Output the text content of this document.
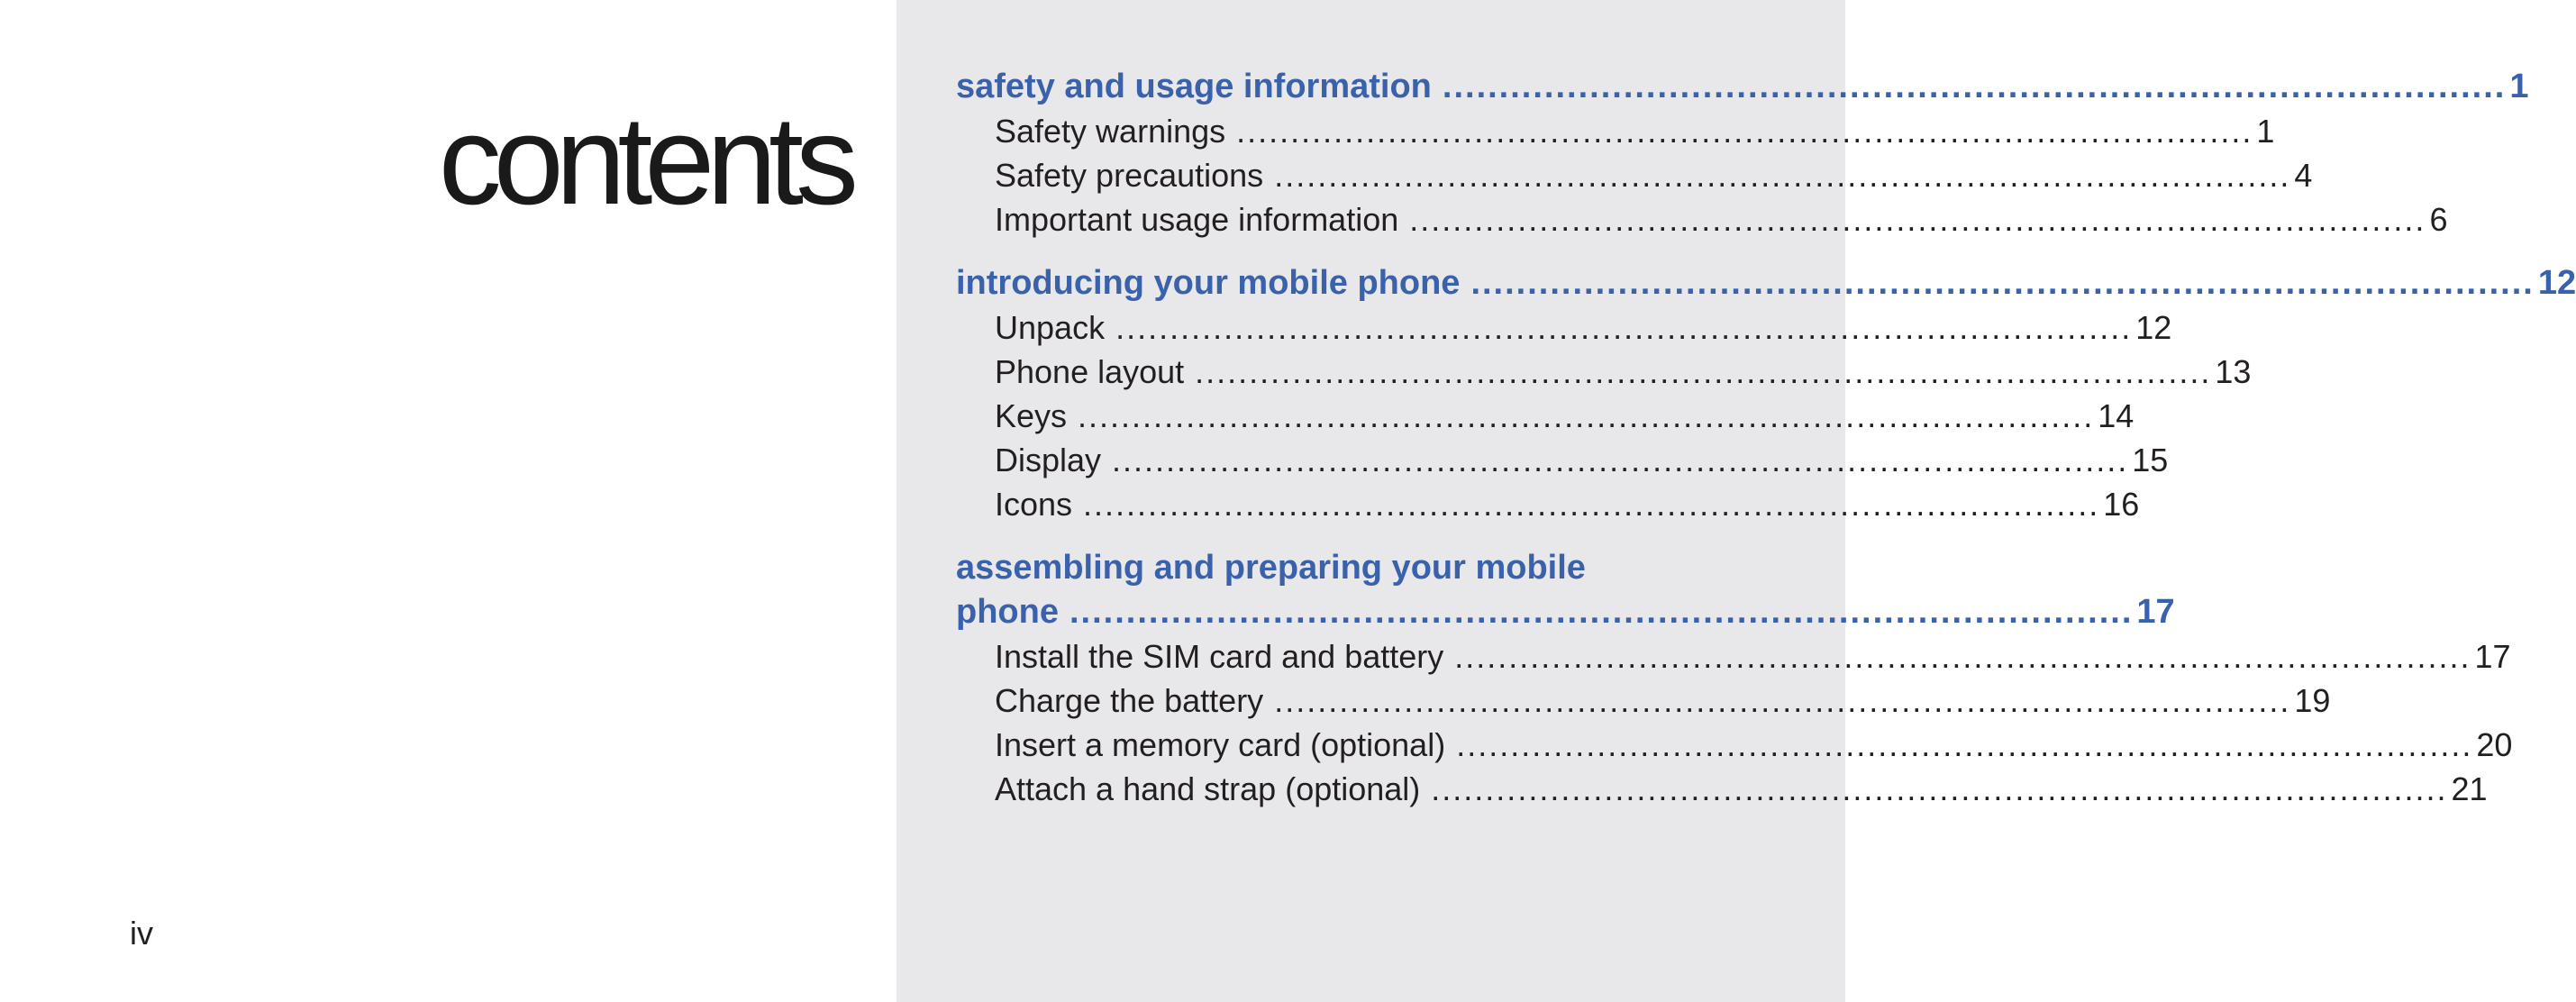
contents
iv
safety and usage information .............................................................................................. 1
Safety warnings .............................................................................................. 1
Safety precautions .............................................................................................. 4
Important usage information .............................................................................................. 6
introducing your mobile phone .............................................................................................. 12
Unpack .............................................................................................. 12
Phone layout .............................................................................................. 13
Keys .............................................................................................. 14
Display .............................................................................................. 15
Icons .............................................................................................. 16
assembling and preparing your mobile
phone .............................................................................................. 17
Install the SIM card and battery .............................................................................................. 17
Charge the battery .............................................................................................. 19
Insert a memory card (optional) .............................................................................................. 20
Attach a hand strap (optional) .............................................................................................. 21
